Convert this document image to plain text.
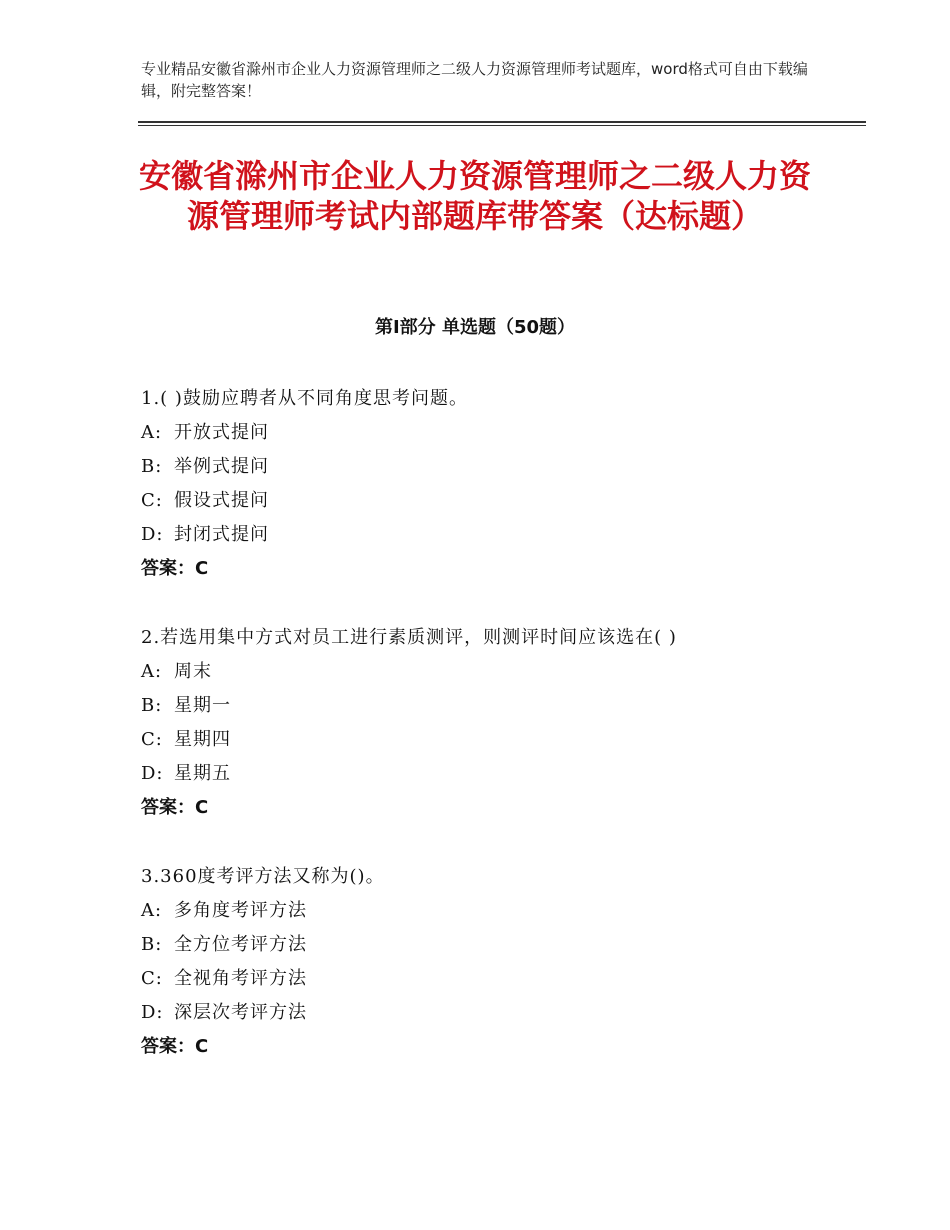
专业精品安徽省滁州市企业人力资源管理师之二级人力资源管理师考试题库，word格式可自由下载编辑，附完整答案！
安徽省滁州市企业人力资源管理师之二级人力资源管理师考试内部题库带答案（达标题）
第Ⅰ部分 单选题（50题）
1.( )鼓励应聘者从不同角度思考问题。
A: 开放式提问
B: 举例式提问
C: 假设式提问
D: 封闭式提问
答案：C
2.若选用集中方式对员工进行素质测评，则测评时间应该选在( )
A: 周末
B: 星期一
C: 星期四
D: 星期五
答案：C
3.360度考评方法又称为()。
A: 多角度考评方法
B: 全方位考评方法
C: 全视角考评方法
D: 深层次考评方法
答案：C
